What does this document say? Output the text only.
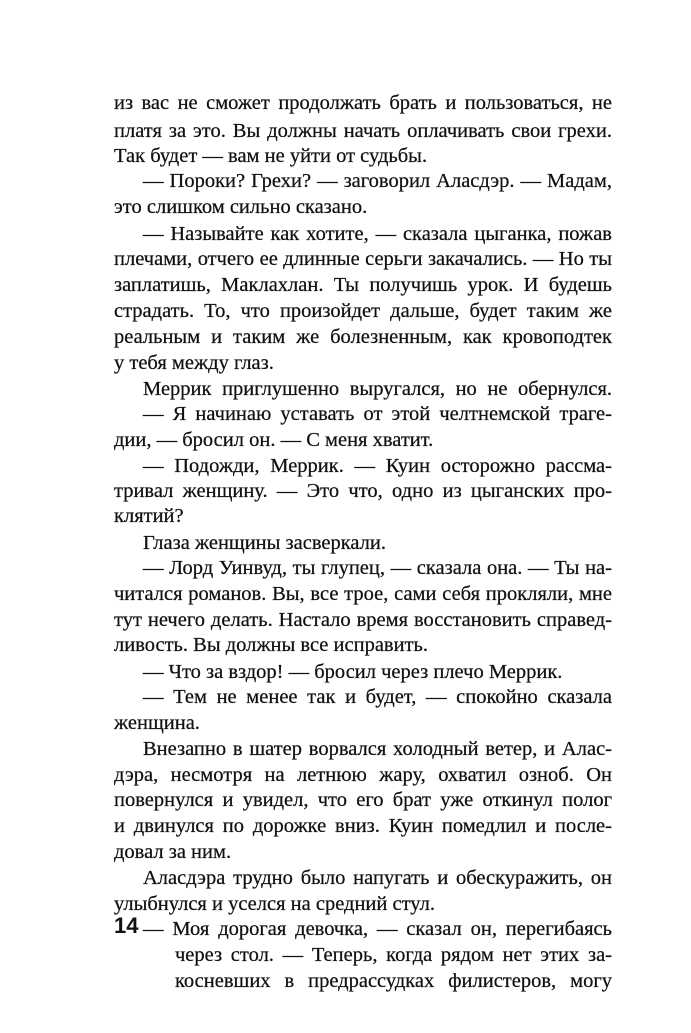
из вас не сможет продолжать брать и пользоваться, не
платя за это. Вы должны начать оплачивать свои грехи.
Так будет — вам не уйти от судьбы.
— Пороки? Грехи? — заговорил Аласдэр. — Мадам,
это слишком сильно сказано.
— Называйте как хотите, — сказала цыганка, пожав
плечами, отчего ее длинные серьги закачались. — Но ты
заплатишь, Маклахлан. Ты получишь урок. И будешь
страдать. То, что произойдет дальше, будет таким же
реальным и таким же болезненным, как кровоподтек
у тебя между глаз.
Меррик приглушенно выругался, но не обернулся.
— Я начинаю уставать от этой челтнемской траге-
дии, — бросил он. — С меня хватит.
— Подожди, Меррик. — Куин осторожно рассма-
тривал женщину. — Это что, одно из цыганских про-
клятий?
Глаза женщины засверкали.
— Лорд Уинвуд, ты глупец, — сказала она. — Ты на-
читался романов. Вы, все трое, сами себя прокляли, мне
тут нечего делать. Настало время восстановить справед-
ливость. Вы должны все исправить.
— Что за вздор! — бросил через плечо Меррик.
— Тем не менее так и будет, — спокойно сказала
женщина.
Внезапно в шатер ворвался холодный ветер, и Алас-
дэра, несмотря на летнюю жару, охватил озноб. Он
повернулся и увидел, что его брат уже откинул полог
и двинулся по дорожке вниз. Куин помедлил и после-
довал за ним.
Аласдэра трудно было напугать и обескуражить, он
улыбнулся и уселся на средний стул.
— Моя дорогая девочка, — сказал он, перегибаясь
через стол. — Теперь, когда рядом нет этих за-
косневших в предрассудках филистеров, могу
14
